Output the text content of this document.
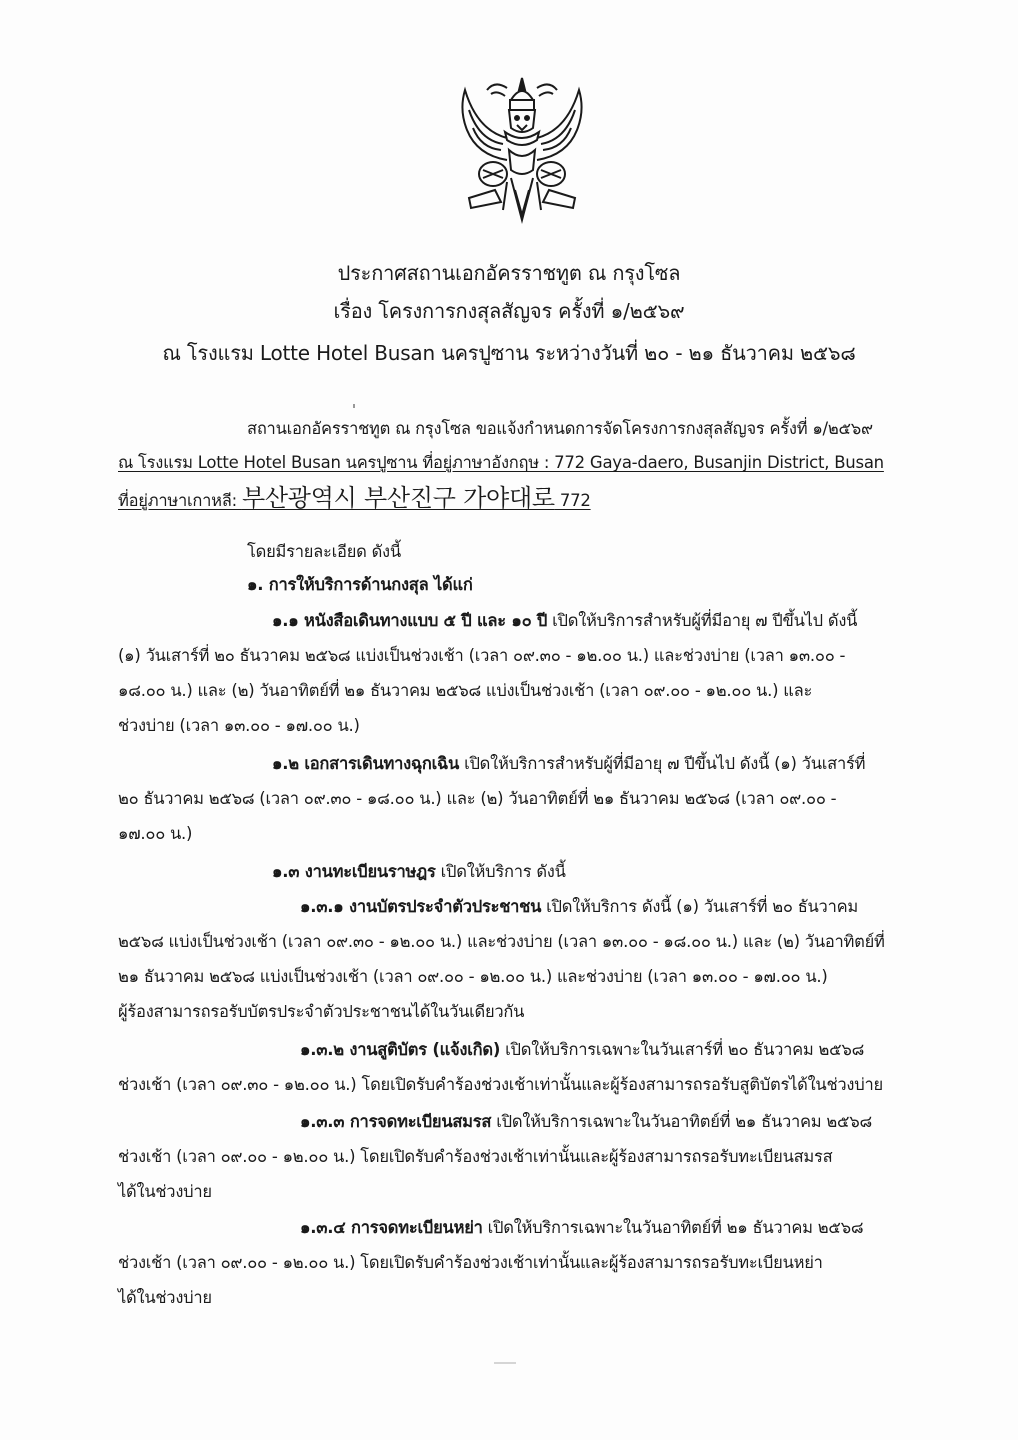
ประกาศสถานเอกอัครราชทูต ณ กรุงโซล
เรื่อง โครงการกงสุลสัญจร ครั้งที่ ๑/๒๕๖๙
ณ โรงแรม Lotte Hotel Busan นครปูซาน ระหว่างวันที่ ๒๐ - ๒๑ ธันวาคม ๒๕๖๘
สถานเอกอัครราชทูต ณ กรุงโซล ขอแจ้งกำหนดการจัดโครงการกงสุลสัญจร ครั้งที่ ๑/๒๕๖๙
ณ โรงแรม Lotte Hotel Busan นครปูซาน ที่อยู่ภาษาอังกฤษ : 772 Gaya-daero, Busanjin District, Busan
ที่อยู่ภาษาเกาหลี: 부산광역시 부산진구 가야대로 772
โดยมีรายละเอียด ดังนี้
๑. การให้บริการด้านกงสุล ได้แก่
๑.๑ หนังสือเดินทางแบบ ๕ ปี และ ๑๐ ปี เปิดให้บริการสำหรับผู้ที่มีอายุ ๗ ปีขึ้นไป ดังนี้
(๑) วันเสาร์ที่ ๒๐ ธันวาคม ๒๕๖๘ แบ่งเป็นช่วงเช้า (เวลา ๐๙.๓๐ - ๑๒.๐๐ น.) และช่วงบ่าย (เวลา ๑๓.๐๐ -
๑๘.๐๐ น.) และ (๒) วันอาทิตย์ที่ ๒๑ ธันวาคม ๒๕๖๘ แบ่งเป็นช่วงเช้า (เวลา ๐๙.๐๐ - ๑๒.๐๐ น.) และ
ช่วงบ่าย (เวลา ๑๓.๐๐ - ๑๗.๐๐ น.)
๑.๒ เอกสารเดินทางฉุกเฉิน เปิดให้บริการสำหรับผู้ที่มีอายุ ๗ ปีขึ้นไป ดังนี้ (๑) วันเสาร์ที่
๒๐ ธันวาคม ๒๕๖๘ (เวลา ๐๙.๓๐ - ๑๘.๐๐ น.) และ (๒) วันอาทิตย์ที่ ๒๑ ธันวาคม ๒๕๖๘ (เวลา ๐๙.๐๐ -
๑๗.๐๐ น.)
๑.๓ งานทะเบียนราษฎร เปิดให้บริการ ดังนี้
๑.๓.๑ งานบัตรประจำตัวประชาชน เปิดให้บริการ ดังนี้ (๑) วันเสาร์ที่ ๒๐ ธันวาคม
๒๕๖๘ แบ่งเป็นช่วงเช้า (เวลา ๐๙.๓๐ - ๑๒.๐๐ น.) และช่วงบ่าย (เวลา ๑๓.๐๐ - ๑๘.๐๐ น.) และ (๒) วันอาทิตย์ที่
๒๑ ธันวาคม ๒๕๖๘ แบ่งเป็นช่วงเช้า (เวลา ๐๙.๐๐ - ๑๒.๐๐ น.) และช่วงบ่าย (เวลา ๑๓.๐๐ - ๑๗.๐๐ น.)
ผู้ร้องสามารถรอรับบัตรประจำตัวประชาชนได้ในวันเดียวกัน
๑.๓.๒ งานสูติบัตร (แจ้งเกิด) เปิดให้บริการเฉพาะในวันเสาร์ที่ ๒๐ ธันวาคม ๒๕๖๘
ช่วงเช้า (เวลา ๐๙.๓๐ - ๑๒.๐๐ น.) โดยเปิดรับคำร้องช่วงเช้าเท่านั้นและผู้ร้องสามารถรอรับสูติบัตรได้ในช่วงบ่าย
๑.๓.๓ การจดทะเบียนสมรส เปิดให้บริการเฉพาะในวันอาทิตย์ที่ ๒๑ ธันวาคม ๒๕๖๘
ช่วงเช้า (เวลา ๐๙.๐๐ - ๑๒.๐๐ น.) โดยเปิดรับคำร้องช่วงเช้าเท่านั้นและผู้ร้องสามารถรอรับทะเบียนสมรส
ได้ในช่วงบ่าย
๑.๓.๔ การจดทะเบียนหย่า เปิดให้บริการเฉพาะในวันอาทิตย์ที่ ๒๑ ธันวาคม ๒๕๖๘
ช่วงเช้า (เวลา ๐๙.๐๐ - ๑๒.๐๐ น.) โดยเปิดรับคำร้องช่วงเช้าเท่านั้นและผู้ร้องสามารถรอรับทะเบียนหย่า
ได้ในช่วงบ่าย
